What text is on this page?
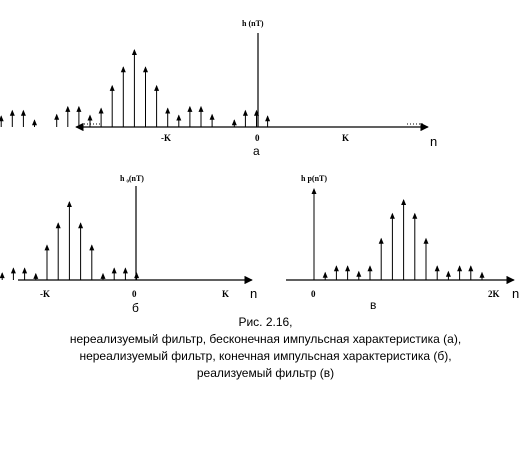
h (nT)
-K	0	K	n
а
h ₀(nT)
-K	0	K n
б
h р(nT)
0	2K n
в
Рис. 2.16,
нереализуемый фильтр, бесконечная импульсная характеристика (а),
нереализуемый фильтр, конечная импульсная характеристика (б),
реализуемый фильтр (в)
